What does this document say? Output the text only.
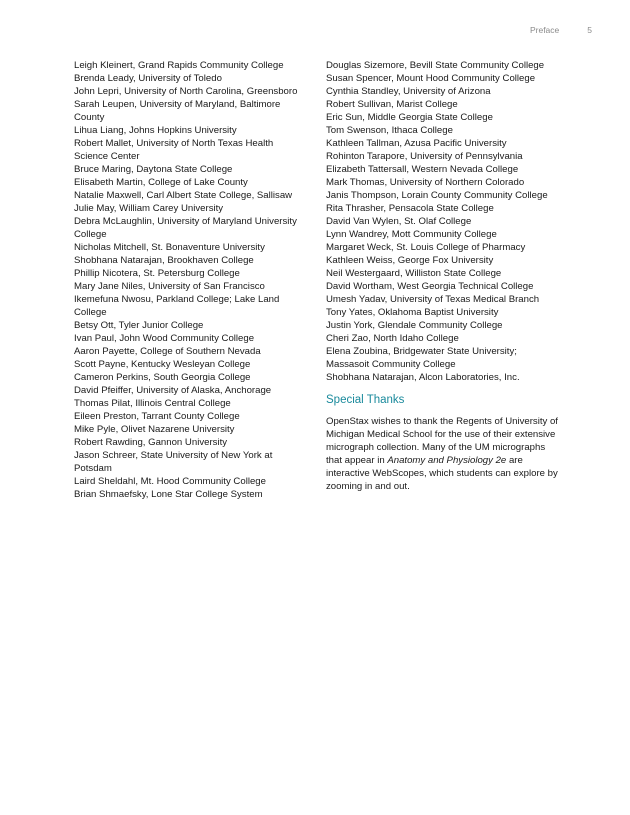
Preface	5

Leigh Kleinert, Grand Rapids Community College

Brenda Leady, University of Toledo

John Lepri, University of North Carolina, Greensboro

Sarah Leupen, University of Maryland, Baltimore County

Lihua Liang, Johns Hopkins University

Robert Mallet, University of North Texas Health Science Center

Bruce Maring, Daytona State College

Elisabeth Martin, College of Lake County

Natalie Maxwell, Carl Albert State College, Sallisaw

Julie May, William Carey University

Debra McLaughlin, University of Maryland University College

Nicholas Mitchell, St. Bonaventure University

Shobhana Natarajan, Brookhaven College

Phillip Nicotera, St. Petersburg College

Mary Jane Niles, University of San Francisco

Ikemefuna Nwosu, Parkland College; Lake Land College

Betsy Ott, Tyler Junior College

Ivan Paul, John Wood Community College

Aaron Payette, College of Southern Nevada

Scott Payne, Kentucky Wesleyan College

Cameron Perkins, South Georgia College

David Pfeiffer, University of Alaska, Anchorage

Thomas Pilat, Illinois Central College

Eileen Preston, Tarrant County College

Mike Pyle, Olivet Nazarene University

Robert Rawding, Gannon University

Jason Schreer, State University of New York at Potsdam

Laird Sheldahl, Mt. Hood Community College

Brian Shmaefsky, Lone Star College System

Douglas Sizemore, Bevill State Community College

Susan Spencer, Mount Hood Community College

Cynthia Standley, University of Arizona

Robert Sullivan, Marist College

Eric Sun, Middle Georgia State College

Tom Swenson, Ithaca College

Kathleen Tallman, Azusa Pacific University

Rohinton Tarapore, University of Pennsylvania

Elizabeth Tattersall, Western Nevada College

Mark Thomas, University of Northern Colorado

Janis Thompson, Lorain County Community College

Rita Thrasher, Pensacola State College

David Van Wylen, St. Olaf College

Lynn Wandrey, Mott Community College

Margaret Weck, St. Louis College of Pharmacy

Kathleen Weiss, George Fox University

Neil Westergaard, Williston State College

David Wortham, West Georgia Technical College

Umesh Yadav, University of Texas Medical Branch

Tony Yates, Oklahoma Baptist University

Justin York, Glendale Community College

Cheri Zao, North Idaho College

Elena Zoubina, Bridgewater State University; Massasoit Community College

Shobhana Natarajan, Alcon Laboratories, Inc.

Special Thanks

OpenStax wishes to thank the Regents of University of Michigan Medical School for the use of their extensive micrograph collection. Many of the UM micrographs that appear in Anatomy and Physiology 2e are interactive WebScopes, which students can explore by zooming in and out.
